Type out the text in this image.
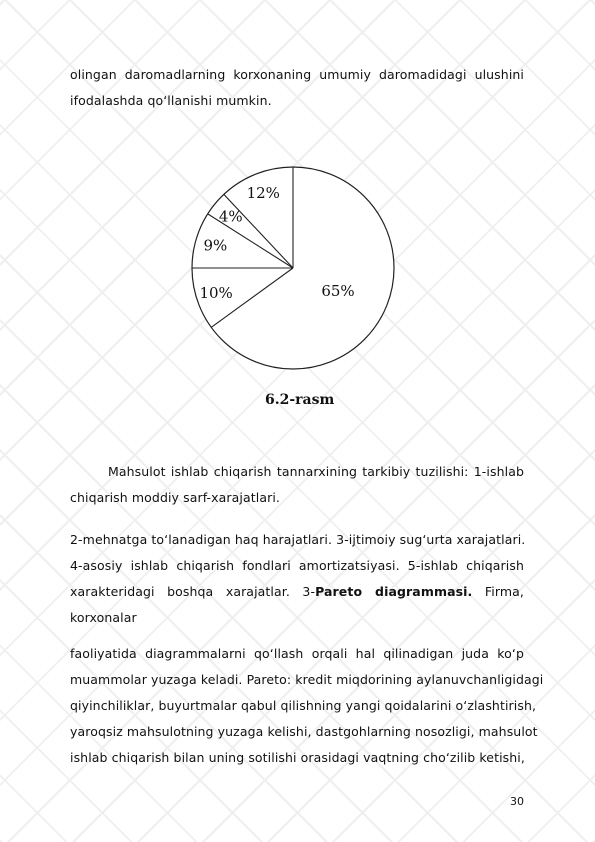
olingan daromadlarning korxonaning umumiy daromadidagi ulushini
ifodalashda qo‘llanishi mumkin.
65%
10%
9%
4%
12%
6.2-rasm
Mahsulot ishlab chiqarish tannarxining tarkibiy tuzilishi: 1-ishlab
chiqarish moddiy sarf-xarajatlari.
2-mehnatga to‘lanadigan haq harajatlari. 3-ijtimoiy sug‘urta xarajatlari.
4-asosiy ishlab chiqarish fondlari amortizatsiyasi. 5-ishlab chiqarish
xarakteridagi boshqa xarajatlar. 3-Pareto diagrammasi. Firma,
korxonalar
faoliyatida diagrammalarni qo‘llash orqali hal qilinadigan juda ko‘p
muammolar yuzaga keladi. Pareto: kredit miqdorining aylanuvchanligidagi
qiyinchiliklar, buyurtmalar qabul qilishning yangi qoidalarini o‘zlashtirish,
yaroqsiz mahsulotning yuzaga kelishi, dastgohlarning nosozligi, mahsulot
ishlab chiqarish bilan uning sotilishi orasidagi vaqtning cho‘zilib ketishi,
30
